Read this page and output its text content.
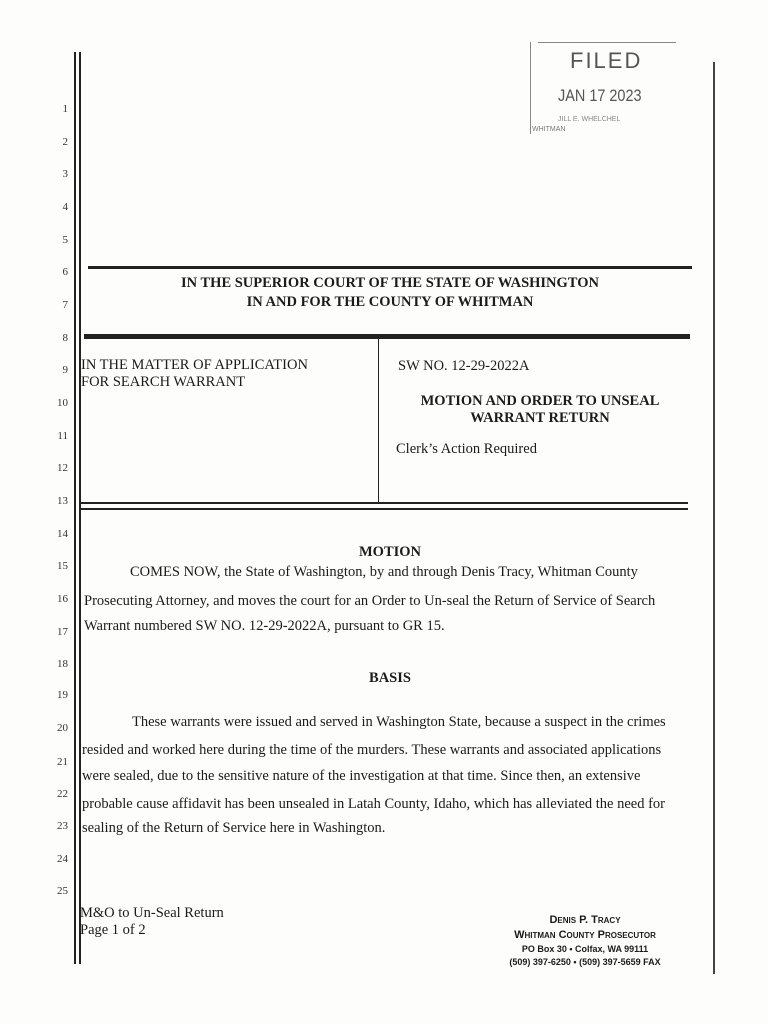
FILED
JAN 17 2023
JILL E. WHELCHEL
WHITMAN
1
2
3
4
5
6
7
8
9
10
11
12
13
14
15
16
17
18
19
20
21
22
23
24
25
IN THE SUPERIOR COURT OF THE STATE OF WASHINGTON
IN AND FOR THE COUNTY OF WHITMAN
IN THE MATTER OF APPLICATION
FOR SEARCH WARRANT
SW NO. 12-29-2022A
MOTION AND ORDER TO UNSEAL
WARRANT RETURN
Clerk’s Action Required
MOTION
COMES NOW, the State of Washington, by and through Denis Tracy, Whitman County
Prosecuting Attorney, and moves the court for an Order to Un-seal the Return of Service of Search
Warrant numbered SW NO. 12-29-2022A, pursuant to GR 15.
BASIS
These warrants were issued and served in Washington State, because a suspect in the crimes
resided and worked here during the time of the murders. These warrants and associated applications
were sealed, due to the sensitive nature of the investigation at that time. Since then, an extensive
probable cause affidavit has been unsealed in Latah County, Idaho, which has alleviated the need for
sealing of the Return of Service here in Washington.
M&O to Un-Seal Return
Page 1 of 2
Denis P. Tracy
Whitman County Prosecutor
PO Box 30 • Colfax, WA 99111
(509) 397-6250 • (509) 397-5659 FAX
